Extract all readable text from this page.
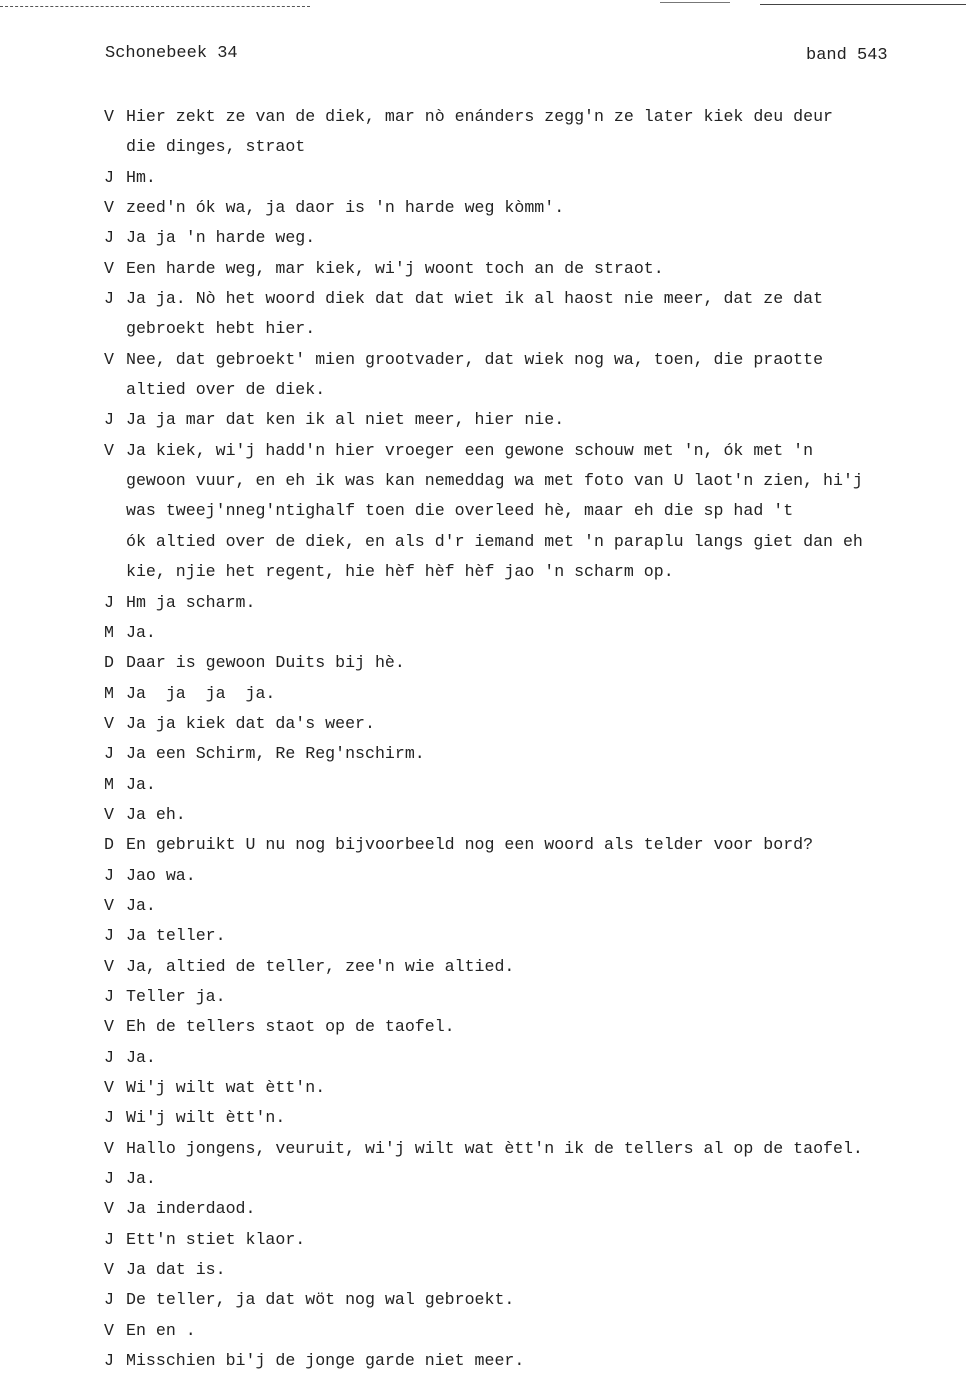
Schonebeek 34	band 543
V Hier zekt ze van de diek, mar nò enánders zegg'n ze later kiek deu deur
die dinges, straot
J Hm.
V zeed'n ók wa, ja daor is 'n harde weg kòmm'.
J Ja ja 'n harde weg.
V Een harde weg, mar kiek, wi'j woont toch an de straot.
J Ja ja. Nò het woord diek dat dat wiet ik al haost nie meer, dat ze dat
gebroekt hebt hier.
V Nee, dat gebroekt' mien grootvader, dat wiek nog wa, toen, die praotte
altied over de diek.
J Ja ja mar dat ken ik al niet meer, hier nie.
V Ja kiek, wi'j hadd'n hier vroeger een gewone schouw met 'n, ók met 'n
gewoon vuur, en eh ik was kan nemeddag wa met foto van U laot'n zien, hi'j
was tweej'nneg'ntighalf toen die overleed hè, maar eh die sp had 't
ók altied over de diek, en als d'r iemand met 'n paraplu langs giet dan eh
kie, njie het regent, hie hèf hèf hèf jao 'n scharm op.
J Hm ja scharm.
M Ja.
D Daar is gewoon Duits bij hè.
M Ja  ja  ja  ja.
V Ja ja kiek dat da's weer.
J Ja een Schirm, Re Reg'nschirm.
M Ja.
V Ja eh.
D En gebruikt U nu nog bijvoorbeeld nog een woord als telder voor bord?
J Jao wa.
V Ja.
J Ja teller.
V Ja, altied de teller, zee'n wie altied.
J Teller ja.
V Eh de tellers staot op de taofel.
J Ja.
V Wi'j wilt wat ètt'n.
J Wi'j wilt ètt'n.
V Hallo jongens, veuruit, wi'j wilt wat ètt'n ik de tellers al op de taofel.
J Ja.
V Ja inderdaod.
J Ett'n stiet klaor.
V Ja dat is.
J De teller, ja dat wöt nog wal gebroekt.
V En en .
J Misschien bi'j de jonge garde niet meer.
